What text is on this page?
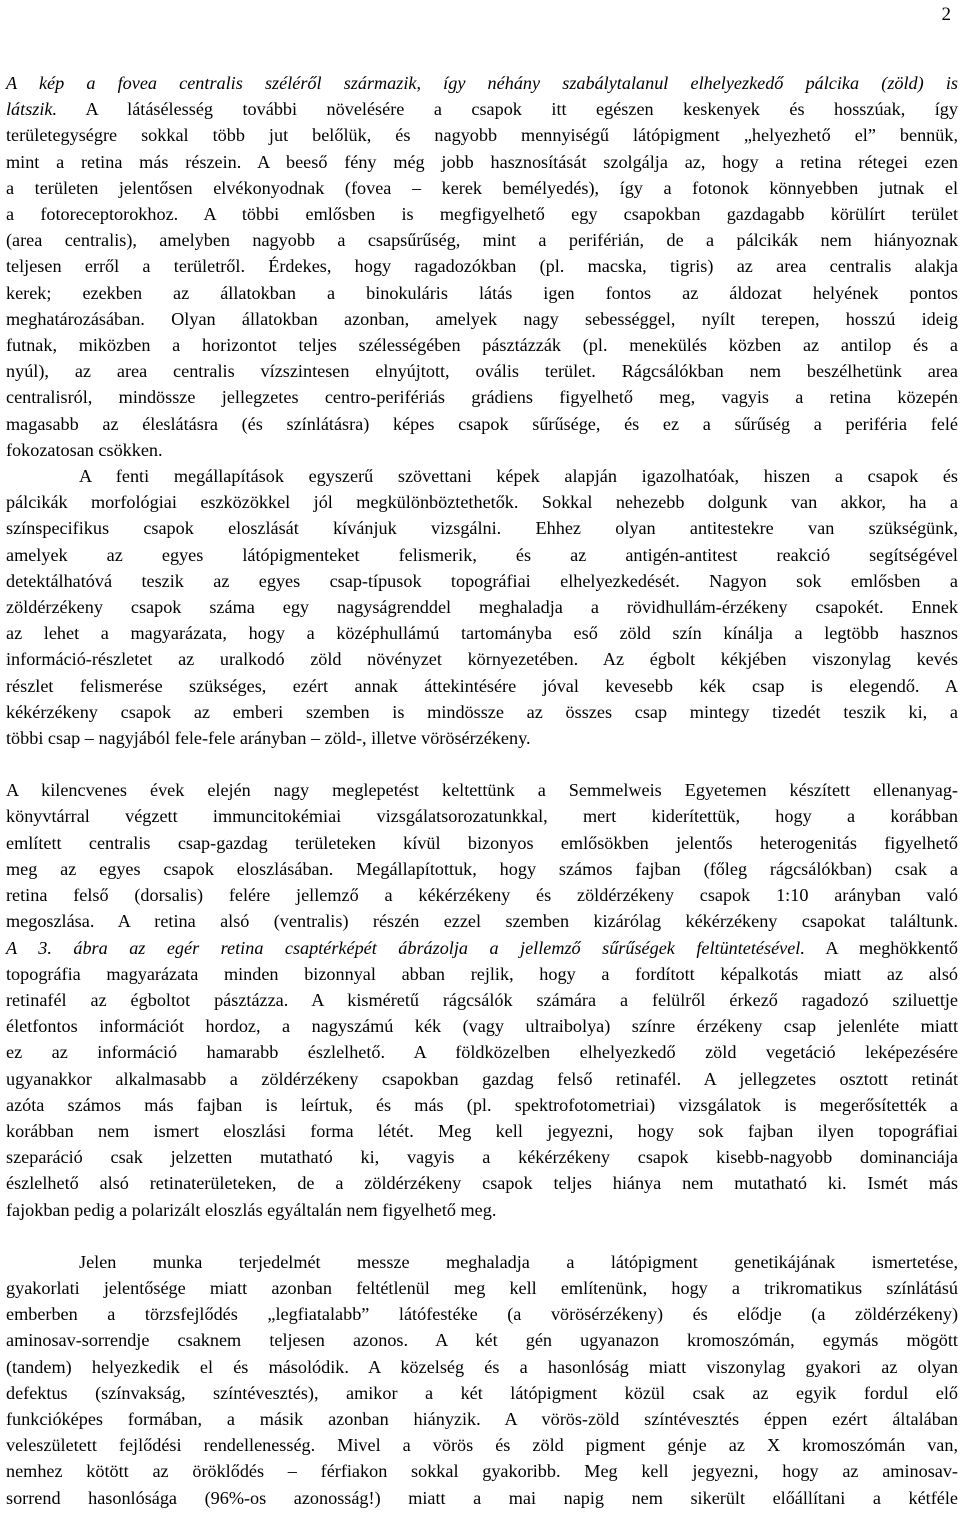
2
A kép a fovea centralis széléről származik, így néhány szabálytalanul elhelyezkedő pálcika (zöld) is
látszik. A látásélesség további növelésére a csapok itt egészen keskenyek és hosszúak, így
területegységre sokkal több jut belőlük, és nagyobb mennyiségű látópigment „helyezhető el” bennük,
mint a retina más részein. A beeső fény még jobb hasznosítását szolgálja az, hogy a retina rétegei ezen
a területen jelentősen elvékonyodnak (fovea – kerek bemélyedés), így a fotonok könnyebben jutnak el
a fotoreceptorokhoz. A többi emlősben is megfigyelhető egy csapokban gazdagabb körülírt terület
(area centralis), amelyben nagyobb a csapsűrűség, mint a periférián, de a pálcikák nem hiányoznak
teljesen erről a területről. Érdekes, hogy ragadozókban (pl. macska, tigris) az area centralis alakja
kerek; ezekben az állatokban a binokuláris látás igen fontos az áldozat helyének pontos
meghatározásában. Olyan állatokban azonban, amelyek nagy sebességgel, nyílt terepen, hosszú ideig
futnak, miközben a horizontot teljes szélességében pásztázzák (pl. menekülés közben az antilop és a
nyúl), az area centralis vízszintesen elnyújtott, ovális terület. Rágcsálókban nem beszélhetünk area
centralisról, mindössze jellegzetes centro-perifériás grádiens figyelhető meg, vagyis a retina közepén
magasabb az éleslátásra (és színlátásra) képes csapok sűrűsége, és ez a sűrűség a periféria felé
fokozatosan csökken.
A fenti megállapítások egyszerű szövettani képek alapján igazolhatóak, hiszen a csapok és
pálcikák morfológiai eszközökkel jól megkülönböztethetők. Sokkal nehezebb dolgunk van akkor, ha a
színspecifikus csapok eloszlását kívánjuk vizsgálni. Ehhez olyan antitestekre van szükségünk,
amelyek az egyes látópigmenteket felismerik, és az antigén-antitest reakció segítségével
detektálhatóvá teszik az egyes csap-típusok topográfiai elhelyezkedését. Nagyon sok emlősben a
zöldérzékeny csapok száma egy nagyságrenddel meghaladja a rövidhullám-érzékeny csapokét. Ennek
az lehet a magyarázata, hogy a középhullámú tartományba eső zöld szín kínálja a legtöbb hasznos
információ-részletet az uralkodó zöld növényzet környezetében. Az égbolt kékjében viszonylag kevés
részlet felismerése szükséges, ezért annak áttekintésére jóval kevesebb kék csap is elegendő. A
kékérzékeny csapok az emberi szemben is mindössze az összes csap mintegy tizedét teszik ki, a
többi csap – nagyjából fele-fele arányban – zöld-, illetve vörösérzékeny.
A kilencvenes évek elején nagy meglepetést keltettünk a Semmelweis Egyetemen készített ellenanyag-
könyvtárral végzett immuncitokémiai vizsgálatsorozatunkkal, mert kiderítettük, hogy a korábban
említett centralis csap-gazdag területeken kívül bizonyos emlősökben jelentős heterogenitás figyelhető
meg az egyes csapok eloszlásában. Megállapítottuk, hogy számos fajban (főleg rágcsálókban) csak a
retina felső (dorsalis) felére jellemző a kékérzékeny és zöldérzékeny csapok 1:10 arányban való
megoszlása. A retina alsó (ventralis) részén ezzel szemben kizárólag kékérzékeny csapokat találtunk.
A 3. ábra az egér retina csaptérképét ábrázolja a jellemző sűrűségek feltüntetésével. A meghökkentő
topográfia magyarázata minden bizonnyal abban rejlik, hogy a fordított képalkotás miatt az alsó
retinafél az égboltot pásztázza. A kisméretű rágcsálók számára a felülről érkező ragadozó sziluettje
életfontos információt hordoz, a nagyszámú kék (vagy ultraibolya) színre érzékeny csap jelenléte miatt
ez az információ hamarabb észlelhető. A földközelben elhelyezkedő zöld vegetáció leképezésére
ugyanakkor alkalmasabb a zöldérzékeny csapokban gazdag felső retinafél. A jellegzetes osztott retinát
azóta számos más fajban is leírtuk, és más (pl. spektrofotometriai) vizsgálatok is megerősítették a
korábban nem ismert eloszlási forma létét. Meg kell jegyezni, hogy sok fajban ilyen topográfiai
szeparáció csak jelzetten mutatható ki, vagyis a kékérzékeny csapok kisebb-nagyobb dominanciája
észlelhető alsó retinaterületeken, de a zöldérzékeny csapok teljes hiánya nem mutatható ki. Ismét más
fajokban pedig a polarizált eloszlás egyáltalán nem figyelhető meg.
Jelen munka terjedelmét messze meghaladja a látópigment genetikájának ismertetése,
gyakorlati jelentősége miatt azonban feltétlenül meg kell említenünk, hogy a trikromatikus színlátású
emberben a törzsfejlődés „legfiatalabb” látófestéke (a vörösérzékeny) és elődje (a zöldérzékeny)
aminosav-sorrendje csaknem teljesen azonos. A két gén ugyanazon kromoszómán, egymás mögött
(tandem) helyezkedik el és másolódik. A közelség és a hasonlóság miatt viszonylag gyakori az olyan
defektus (színvakság, színtévesztés), amikor a két látópigment közül csak az egyik fordul elő
funkcióképes formában, a másik azonban hiányzik. A vörös-zöld színtévesztés éppen ezért általában
veleszületett fejlődési rendellenesség. Mivel a vörös és zöld pigment génje az X kromoszómán van,
nemhez kötött az öröklődés – férfiakon sokkal gyakoribb. Meg kell jegyezni, hogy az aminosav-
sorrend hasonlósága (96%-os azonosság!) miatt a mai napig nem sikerült előállítani a kétféle
